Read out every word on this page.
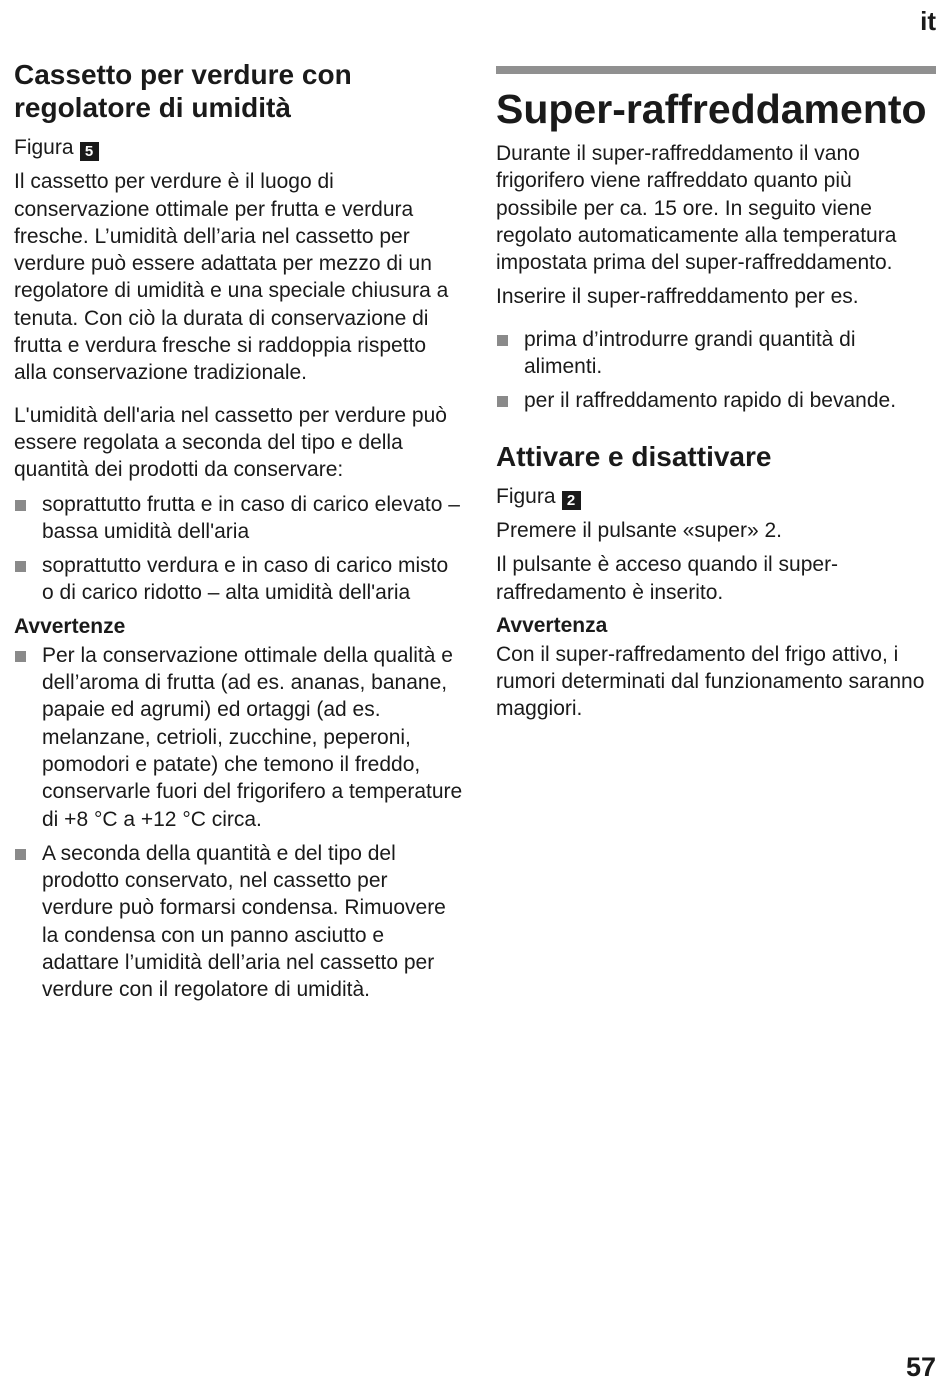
it
Cassetto per verdure con regolatore di umidità

Figura 5

Il cassetto per verdure è il luogo di conservazione ottimale per frutta e verdura fresche. L’umidità dell’aria nel cassetto per verdure può essere adattata per mezzo di un regolatore di umidità e una speciale chiusura a tenuta. Con ciò la durata di conservazione di frutta e verdura fresche si raddoppia rispetto alla conservazione tradizionale.

L'umidità dell'aria nel cassetto per verdure può essere regolata a seconda del tipo e della quantità dei prodotti da conservare:

soprattutto frutta e in caso di carico elevato – bassa umidità dell'aria
soprattutto verdura e in caso di carico misto o di carico ridotto – alta umidità dell'aria
Avvertenze
Per la conservazione ottimale della qualità e dell’aroma di frutta (ad es. ananas, banane, papaie ed agrumi) ed ortaggi (ad es. melanzane, cetrioli, zucchine, peperoni, pomodori e patate) che temono il freddo, conservarle fuori del frigorifero a temperature di +8 °C a +12 °C circa.
A seconda della quantità e del tipo del prodotto conservato, nel cassetto per verdure può formarsi condensa. Rimuovere la condensa con un panno asciutto e adattare l’umidità dell’aria nel cassetto per verdure con il regolatore di umidità.
Super-raffreddamento

Durante il super-raffreddamento il vano frigorifero viene raffreddato quanto più possibile per ca. 15 ore. In seguito viene regolato automaticamente alla temperatura impostata prima del super-raffreddamento.

Inserire il super-raffreddamento per es.

prima d’introdurre grandi quantità di alimenti.
per il raffreddamento rapido di bevande.
Attivare e disattivare

Figura 2

Premere il pulsante «super» 2.

Il pulsante è acceso quando il super-raffredamento è inserito.

Avvertenza

Con il super-raffredamento del frigo attivo, i rumori determinati dal funzionamento saranno maggiori.

57
